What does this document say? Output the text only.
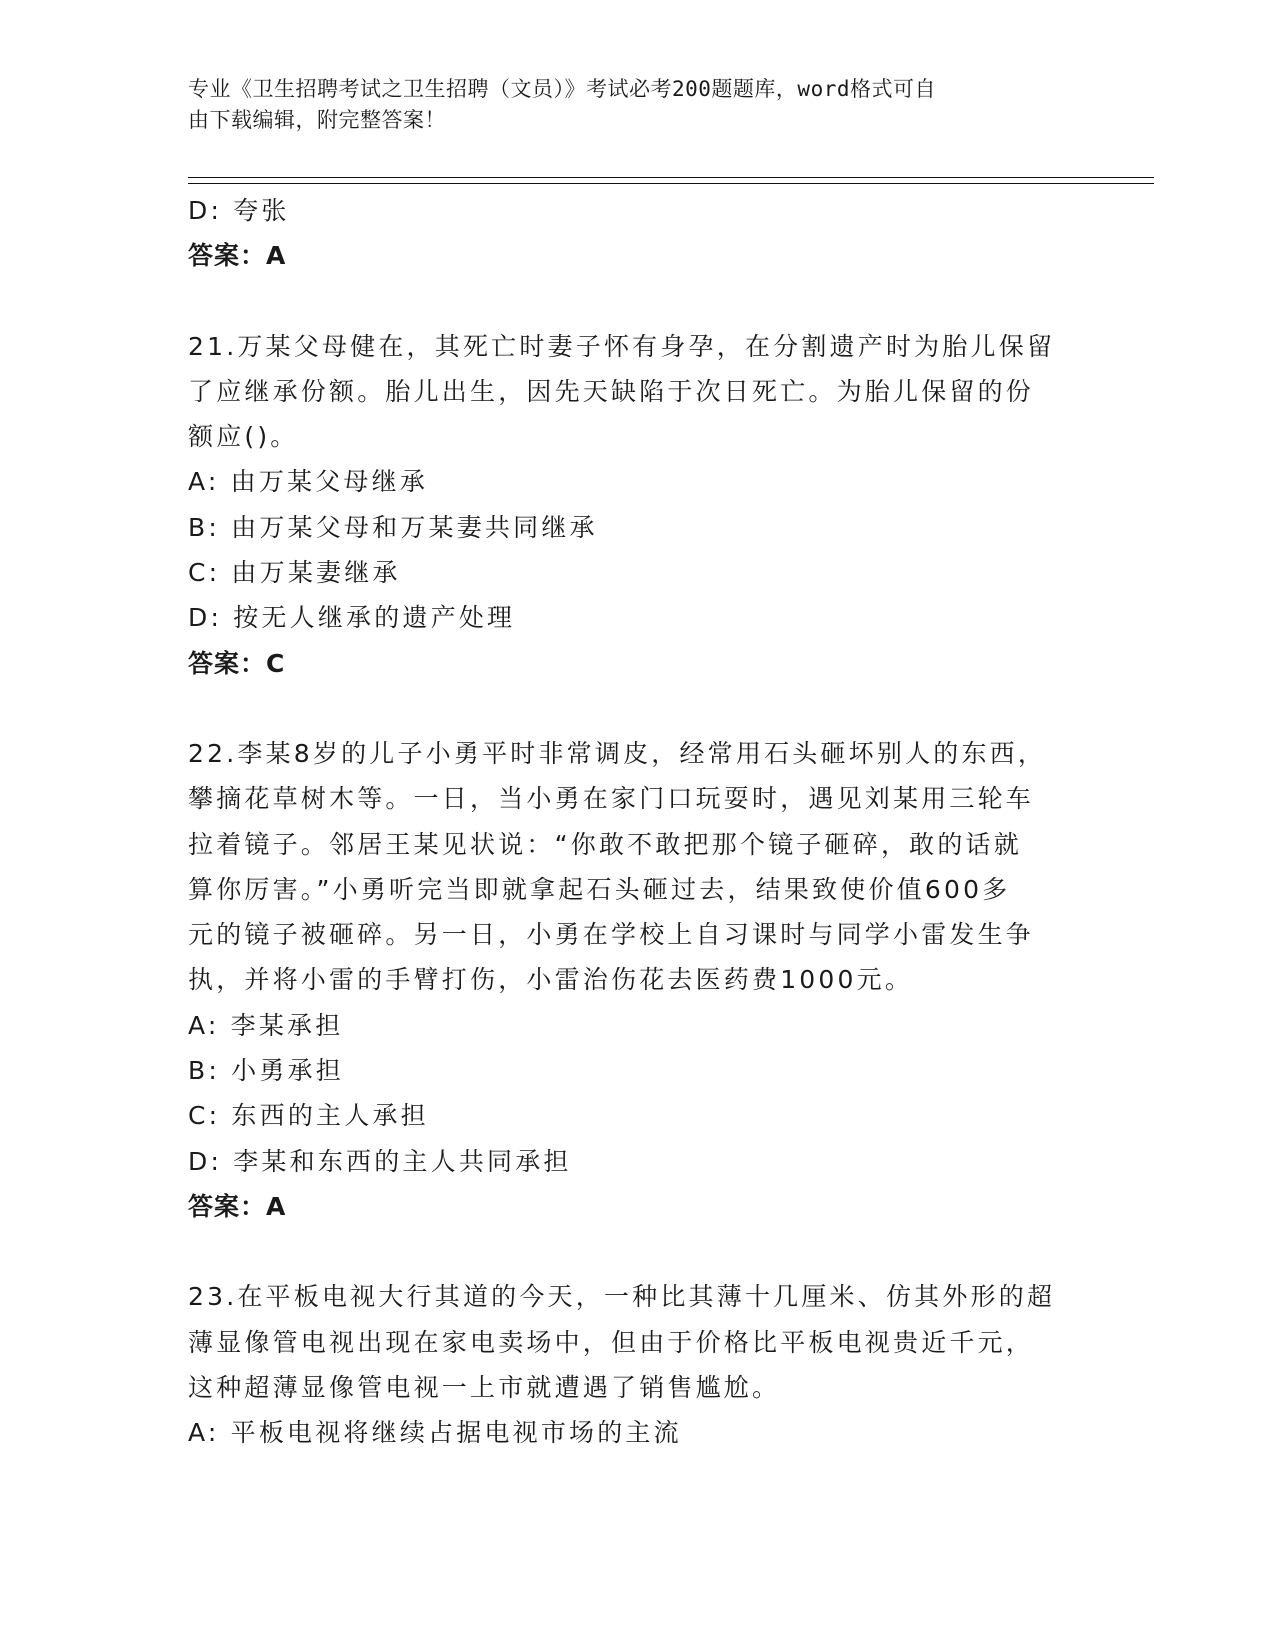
专业《卫生招聘考试之卫生招聘（文员）》考试必考200题题库，word格式可自
由下载编辑，附完整答案！
D: 夸张
答案：A
21.万某父母健在，其死亡时妻子怀有身孕，在分割遗产时为胎儿保留
了应继承份额。胎儿出生，因先天缺陷于次日死亡。为胎儿保留的份
额应()。
A: 由万某父母继承
B: 由万某父母和万某妻共同继承
C: 由万某妻继承
D: 按无人继承的遗产处理
答案：C
22.李某8岁的儿子小勇平时非常调皮，经常用石头砸坏别人的东西，
攀摘花草树木等。一日，当小勇在家门口玩耍时，遇见刘某用三轮车
拉着镜子。邻居王某见状说：“你敢不敢把那个镜子砸碎，敢的话就
算你厉害。”小勇听完当即就拿起石头砸过去，结果致使价值600多
元的镜子被砸碎。另一日，小勇在学校上自习课时与同学小雷发生争
执，并将小雷的手臂打伤，小雷治伤花去医药费1000元。
A: 李某承担
B: 小勇承担
C: 东西的主人承担
D: 李某和东西的主人共同承担
答案：A
23.在平板电视大行其道的今天，一种比其薄十几厘米、仿其外形的超
薄显像管电视出现在家电卖场中，但由于价格比平板电视贵近千元，
这种超薄显像管电视一上市就遭遇了销售尴尬。
A: 平板电视将继续占据电视市场的主流
